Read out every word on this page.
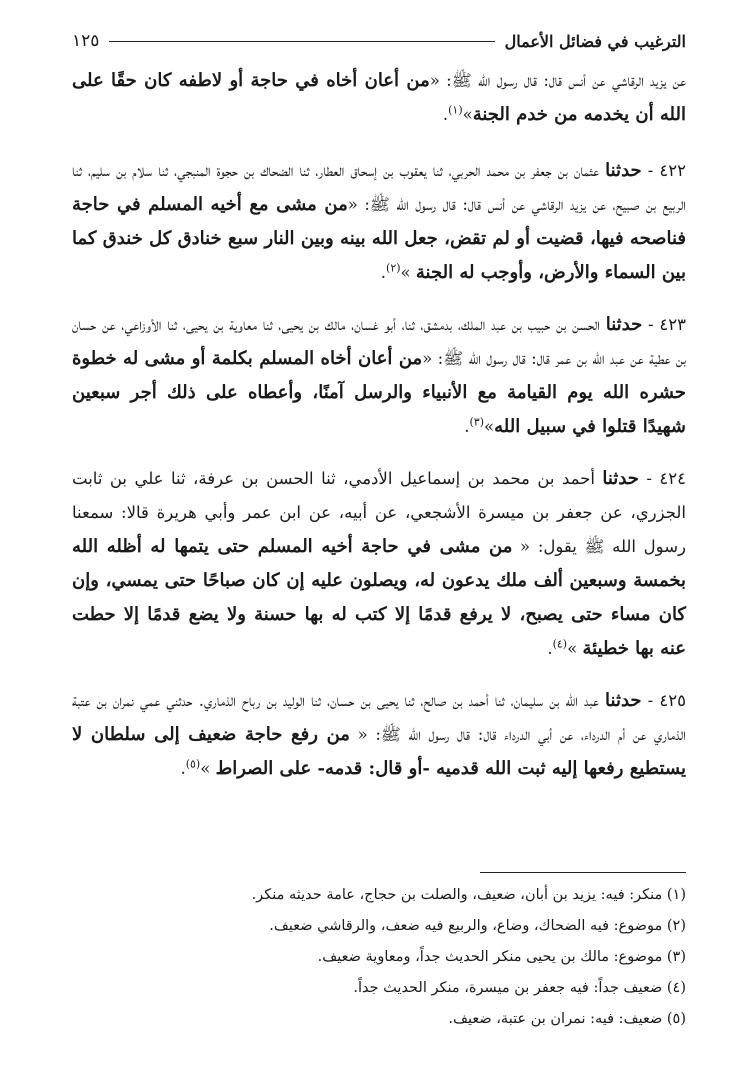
الترغيب في فضائل الأعمال
١٢٥

عن يزيد الرقاشي عن أنس قال: قال رسول الله ﷺ: «من أعان أخاه في حاجة أو لاطفه كان حقًا على الله أن يخدمه من خدم الجنة»$^{(١)}$.

٤٢٢ - حدثنا عثمان بن جعفر بن محمد الحربي، ثنا يعقوب بن إسحاق العطار، ثنا الضحاك بن حجوة المنبجي، ثنا سلام بن سليم، ثنا الربيع بن صبيح، عن يزيد الرقاشي عن أنس قال: قال رسول الله ﷺ: «من مشى مع أخيه المسلم في حاجة فناصحه فيها، قضيت أو لم تقض، جعل الله بينه وبين النار سبع خنادق كل خندق كما بين السماء والأرض، وأوجب له الجنة »$^{(٢)}$.

٤٢٣ - حدثنا الحسن بن حبيب بن عبد الملك، بدمشق، ثنا، أبو غسان، مالك بن يحيى، ثنا معاوية بن يحيى، ثنا الأوزاعي، عن حسان بن عطية عن عبد الله بن عمر قال: قال رسول الله ﷺ: «من أعان أخاه المسلم بكلمة أو مشى له خطوة حشره الله يوم القيامة مع الأنبياء والرسل آمنًا، وأعطاه على ذلك أجر سبعين شهيدًا قتلوا في سبيل الله»$^{(٣)}$.

٤٢٤ - حدثنا أحمد بن محمد بن إسماعيل الأدمي، ثنا الحسن بن عرفة، ثنا علي بن ثابت الجزري، عن جعفر بن ميسرة الأشجعي، عن أبيه، عن ابن عمر وأبي هريرة قالا: سمعنا رسول الله ﷺ يقول: « من مشى في حاجة أخيه المسلم حتى يتمها له أظله الله بخمسة وسبعين ألف ملك يدعون له، ويصلون عليه إن كان صباحًا حتى يمسي، وإن كان مساء حتى يصبح، لا يرفع قدمًا إلا كتب له بها حسنة ولا يضع قدمًا إلا حطت عنه بها خطيئة »$^{(٤)}$.

٤٢٥ - حدثنا عبد الله بن سليمان، ثنا أحمد بن صالح، ثنا يحيى بن حسان، ثنا الوليد بن رباح الذماري. حدثني عمي نمران بن عتبة الذماري عن أم الدرداء، عن أبي الدرداء قال: قال رسول الله ﷺ: « من رفع حاجة ضعيف إلى سلطان لا يستطيع رفعها إليه ثبت الله قدميه -أو قال: قدمه- على الصراط »$^{(٥)}$.

(١) منكر: فيه: يزيد بن أبان، ضعيف، والصلت بن حجاج، عامة حديثه منكر.

(٢) موضوع: فيه الضحاك، وضاع، والربيع فيه ضعف، والرقاشي ضعيف.

(٣) موضوع: مالك بن يحيى منكر الحديث جداً، ومعاوية ضعيف.

(٤) ضعيف جداً: فيه جعفر بن ميسرة، منكر الحديث جداً.

(٥) ضعيف: فيه: نمران بن عتبة، ضعيف.
